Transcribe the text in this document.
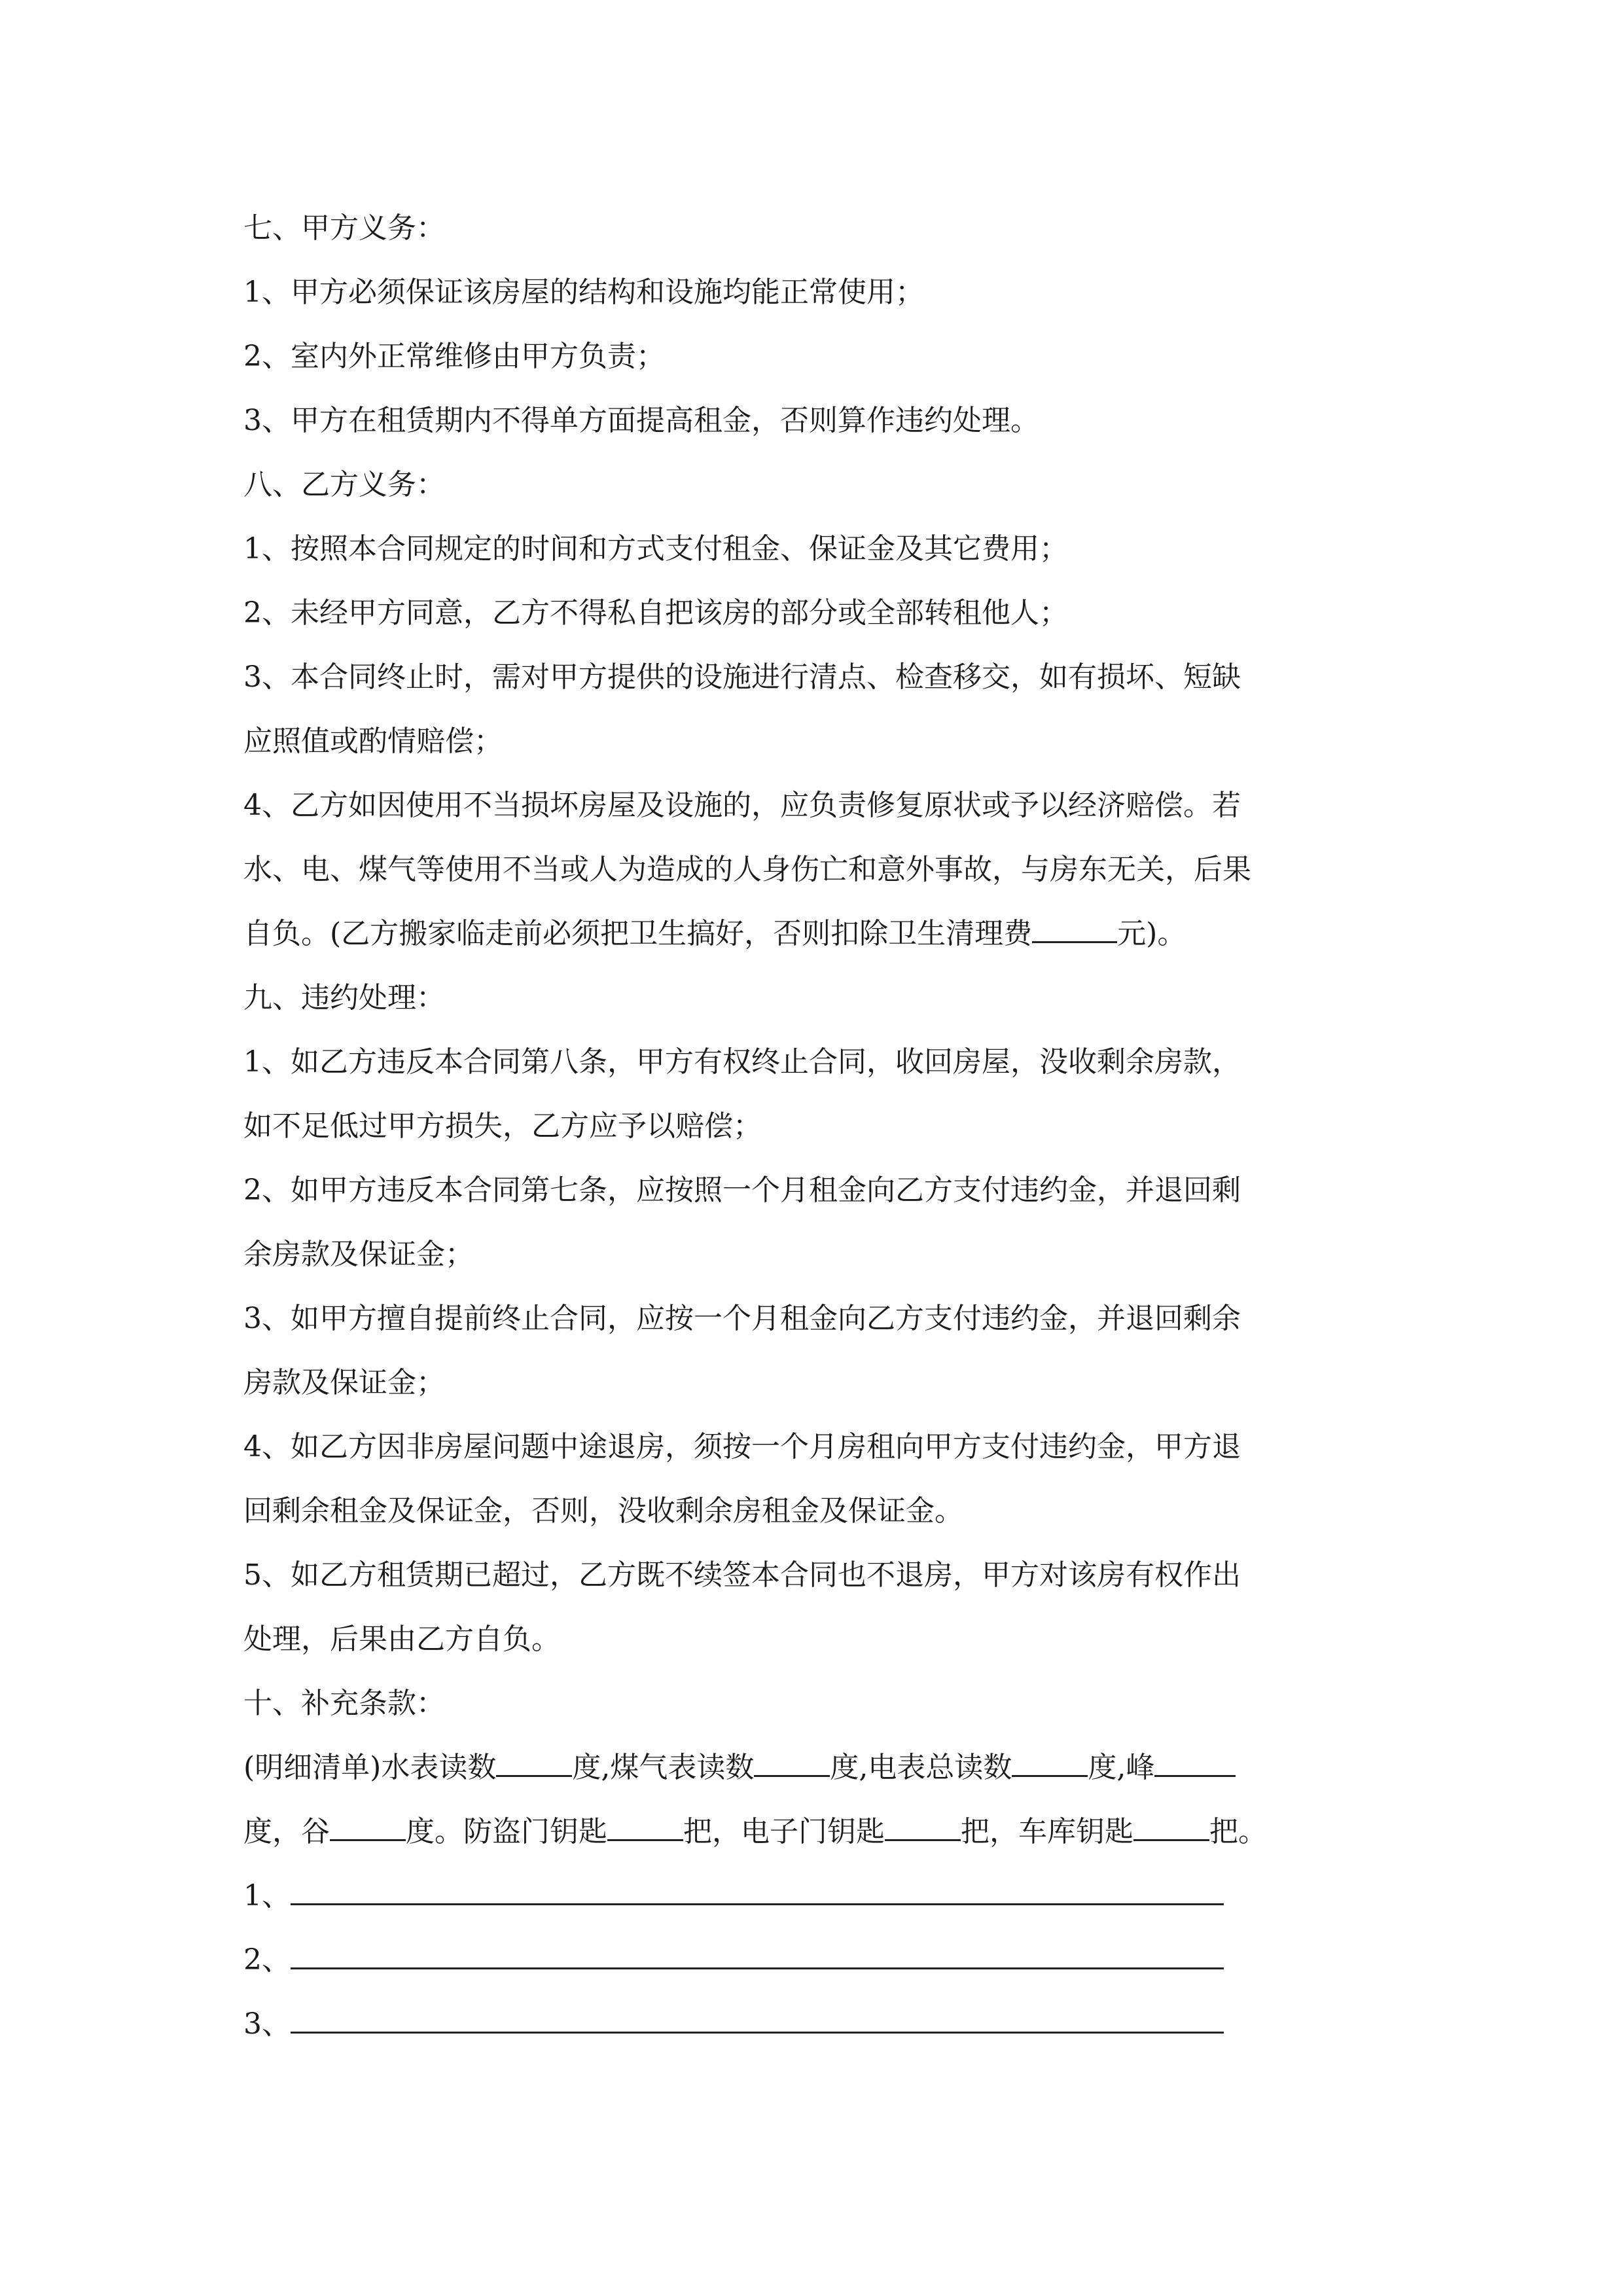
七、甲方义务：
1、甲方必须保证该房屋的结构和设施均能正常使用；
2、室内外正常维修由甲方负责；
3、甲方在租赁期内不得单方面提高租金，否则算作违约处理。
八、乙方义务：
1、按照本合同规定的时间和方式支付租金、保证金及其它费用；
2、未经甲方同意，乙方不得私自把该房的部分或全部转租他人；
3、本合同终止时，需对甲方提供的设施进行清点、检查移交，如有损坏、短缺
应照值或酌情赔偿；
4、乙方如因使用不当损坏房屋及设施的，应负责修复原状或予以经济赔偿。若
水、电、煤气等使用不当或人为造成的人身伤亡和意外事故，与房东无关，后果
自负。(乙方搬家临走前必须把卫生搞好，否则扣除卫生清理费	元)。
九、违约处理：
1、如乙方违反本合同第八条，甲方有权终止合同，收回房屋，没收剩余房款，
如不足低过甲方损失，乙方应予以赔偿；
2、如甲方违反本合同第七条，应按照一个月租金向乙方支付违约金，并退回剩
余房款及保证金；
3、如甲方擅自提前终止合同，应按一个月租金向乙方支付违约金，并退回剩余
房款及保证金；
4、如乙方因非房屋问题中途退房，须按一个月房租向甲方支付违约金，甲方退
回剩余租金及保证金，否则，没收剩余房租金及保证金。
5、如乙方租赁期已超过，乙方既不续签本合同也不退房，甲方对该房有权作出
处理，后果由乙方自负。
十、补充条款：
(明细清单)水表读数	度,煤气表读数	度,电表总读数	度,峰
度，谷	度。防盗门钥匙	把，电子门钥匙	把，车库钥匙	把。
1、
2、
3、
